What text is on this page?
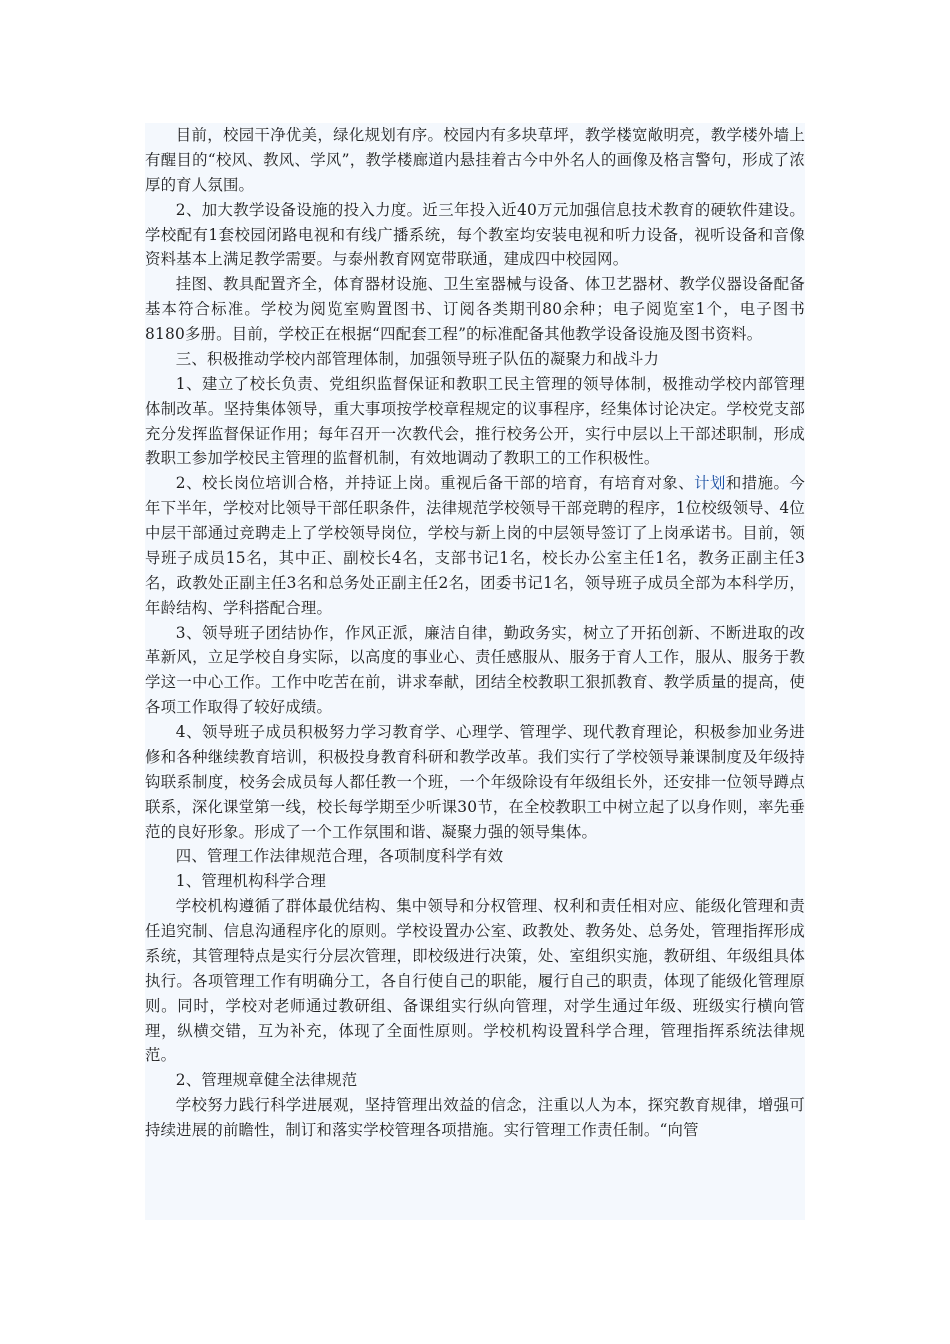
目前，校园干净优美，绿化规划有序。校园内有多块草坪，教学楼宽敞明亮，教学楼外墙上有醒目的“校风、教风、学风”，教学楼廊道内悬挂着古今中外名人的画像及格言警句，形成了浓厚的育人氛围。

2、加大教学设备设施的投入力度。近三年投入近40万元加强信息技术教育的硬软件建设。学校配有1套校园闭路电视和有线广播系统，每个教室均安装电视和听力设备，视听设备和音像资料基本上满足教学需要。与泰州教育网宽带联通，建成四中校园网。

挂图、教具配置齐全，体育器材设施、卫生室器械与设备、体卫艺器材、教学仪器设备配备基本符合标准。学校为阅览室购置图书、订阅各类期刊80余种；电子阅览室1个，电子图书8180多册。目前，学校正在根据“四配套工程”的标准配备其他教学设备设施及图书资料。

三、积极推动学校内部管理体制，加强领导班子队伍的凝聚力和战斗力

1、建立了校长负责、党组织监督保证和教职工民主管理的领导体制，极推动学校内部管理体制改革。坚持集体领导，重大事项按学校章程规定的议事程序，经集体讨论决定。学校党支部充分发挥监督保证作用；每年召开一次教代会，推行校务公开，实行中层以上干部述职制，形成教职工参加学校民主管理的监督机制，有效地调动了教职工的工作积极性。

2、校长岗位培训合格，并持证上岗。重视后备干部的培育，有培育对象、计划和措施。今年下半年，学校对比领导干部任职条件，法律规范学校领导干部竞聘的程序，1位校级领导、4位中层干部通过竞聘走上了学校领导岗位，学校与新上岗的中层领导签订了上岗承诺书。目前，领导班子成员15名，其中正、副校长4名，支部书记1名，校长办公室主任1名，教务正副主任3名，政教处正副主任3名和总务处正副主任2名，团委书记1名，领导班子成员全部为本科学历，年龄结构、学科搭配合理。

3、领导班子团结协作，作风正派，廉洁自律，勤政务实，树立了开拓创新、不断进取的改革新风，立足学校自身实际，以高度的事业心、责任感服从、服务于育人工作，服从、服务于教学这一中心工作。工作中吃苦在前，讲求奉献，团结全校教职工狠抓教育、教学质量的提高，使各项工作取得了较好成绩。

4、领导班子成员积极努力学习教育学、心理学、管理学、现代教育理论，积极参加业务进修和各种继续教育培训，积极投身教育科研和教学改革。我们实行了学校领导兼课制度及年级持钩联系制度，校务会成员每人都任教一个班，一个年级除设有年级组长外，还安排一位领导蹲点联系，深化课堂第一线，校长每学期至少听课30节，在全校教职工中树立起了以身作则，率先垂范的良好形象。形成了一个工作氛围和谐、凝聚力强的领导集体。

四、管理工作法律规范合理，各项制度科学有效

1、管理机构科学合理

学校机构遵循了群体最优结构、集中领导和分权管理、权利和责任相对应、能级化管理和责任追究制、信息沟通程序化的原则。学校设置办公室、政教处、教务处、总务处，管理指挥形成系统，其管理特点是实行分层次管理，即校级进行决策，处、室组织实施，教研组、年级组具体执行。各项管理工作有明确分工，各自行使自己的职能，履行自己的职责，体现了能级化管理原则。同时，学校对老师通过教研组、备课组实行纵向管理，对学生通过年级、班级实行横向管理，纵横交错，互为补充，体现了全面性原则。学校机构设置科学合理，管理指挥系统法律规范。

2、管理规章健全法律规范

学校努力践行科学进展观，坚持管理出效益的信念，注重以人为本，探究教育规律，增强可持续进展的前瞻性，制订和落实学校管理各项措施。实行管理工作责任制。“向管
